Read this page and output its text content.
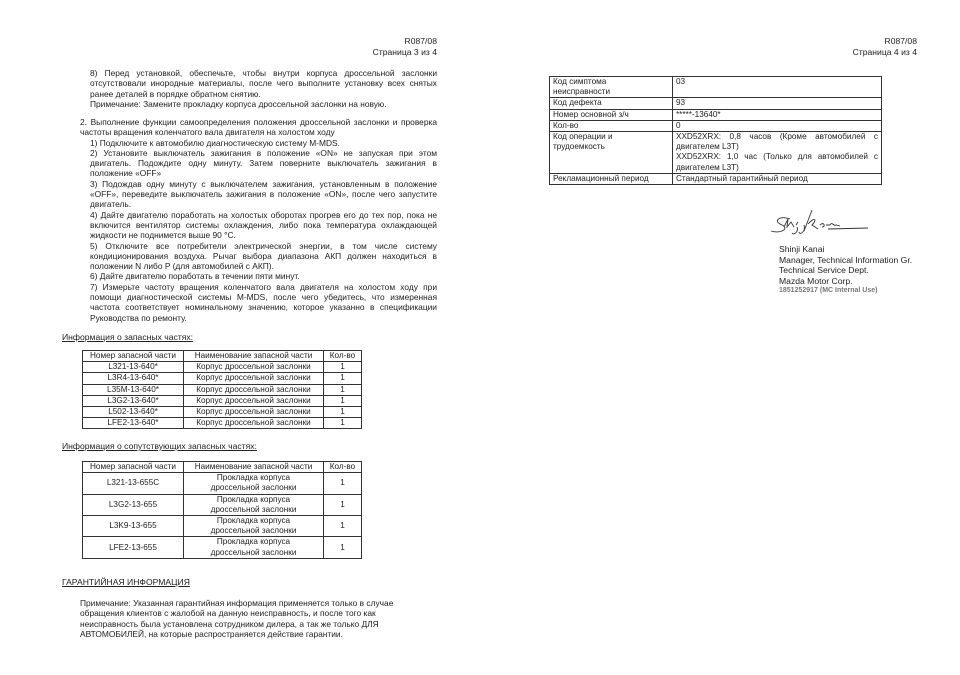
R087/08
Страница 3 из 4

8) Перед установкой, обеспечьте, чтобы внутри корпуса дроссельной заслонки отсутствовали инородные материалы, после чего выполните установку всех снятых ранее деталей в порядке обратном снятию.

Примечание: Замените прокладку корпуса дроссельной заслонки на новую.

2. Выполнение функции самоопределения положения дроссельной заслонки и проверка частоты вращения коленчатого вала двигателя на холостом ходу

1) Подключите к автомобилю диагностическую систему M-MDS.

2) Установите выключатель зажигания в положение «ON» не запуская при этом двигатель. Подождите одну минуту. Затем поверните выключатель зажигания в положение «OFF»

3) Подождав одну минуту с выключателем зажигания, установленным в положение «OFF», переведите выключатель зажигания в положение «ON», после чего запустите двигатель.

4) Дайте двигателю поработать на холостых оборотах прогрев его до тех пор, пока не включится вентилятор системы охлаждения, либо пока температура охлаждающей жидкости не поднимется выше 90 °C.

5) Отключите все потребители электрической энергии, в том числе систему кондиционирования воздуха. Рычаг выбора диапазона АКП должен находиться в положении N либо P (для автомобилей с АКП).

6) Дайте двигателю поработать в течении пяти минут.

7) Измерьте частоту вращения коленчатого вала двигателя на холостом ходу при помощи диагностической системы M-MDS, после чего убедитесь, что измеренная частота соответствует номинальному значению, которое указанно в спецификации Руководства по ремонту.

Информация о запасных частях:
Номер запасной части	Наименование запасной части	Кол-во
L321-13-640*	Корпус дроссельной заслонки	1
L3R4-13-640*	Корпус дроссельной заслонки	1
L35M-13-640*	Корпус дроссельной заслонки	1
L3G2-13-640*	Корпус дроссельной заслонки	1
L502-13-640*	Корпус дроссельной заслонки	1
LFE2-13-640*	Корпус дроссельной заслонки	1
Информация о сопутствующих запасных частях:
Номер запасной части	Наименование запасной части	Кол-во
L321-13-655C	Прокладка корпуса дроссельной заслонки	1
L3G2-13-655	Прокладка корпуса дроссельной заслонки	1
L3K9-13-655	Прокладка корпуса дроссельной заслонки	1
LFE2-13-655	Прокладка корпуса дроссельной заслонки	1
ГАРАНТИЙНАЯ ИНФОРМАЦИЯ
Примечание: Указанная гарантийная информация применяется только в случае обращения клиентов с жалобой на данную неисправность, и после того как неисправность была установлена сотрудником дилера, а так же только ДЛЯ АВТОМОБИЛЕЙ, на которые распространяется действие гарантии.
R087/08
Страница 4 из 4
Код симптома неисправности	03

Код дефекта	93

Номер основной з/ч	*****-13640*

Кол-во	0

Код операции и трудоемкость	XXD52XRX: 0,8 часов (Кроме автомобилей с двигателем L3T)
XXD52XRX: 1,0 час (Только для автомобилей с двигателем L3T)

Рекламационный период	Стандартный гарантийный период
Shinji Kanai
Manager, Technical Information Gr.
Technical Service Dept.
Mazda Motor Corp.
1851252917 (MC Internal Use)
